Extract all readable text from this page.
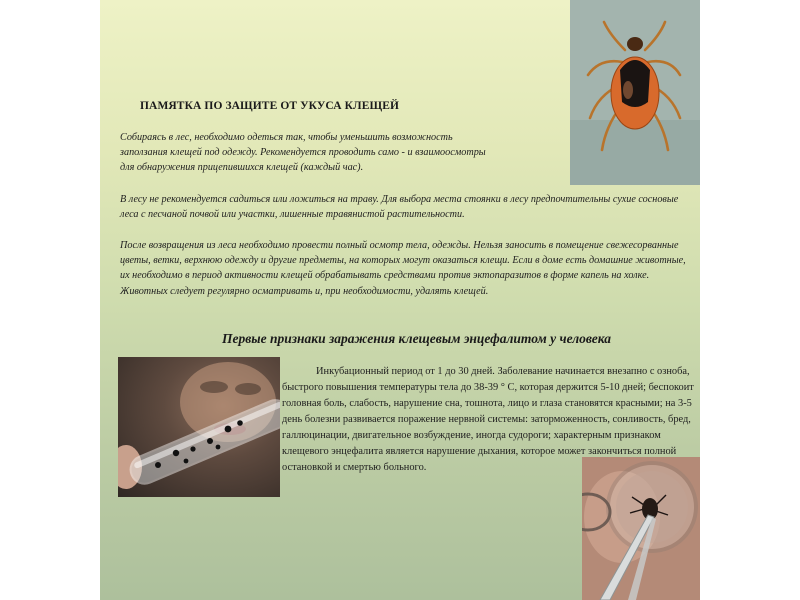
ПАМЯТКА ПО ЗАЩИТЕ ОТ УКУСА КЛЕЩЕЙ
Собираясь в лес, необходимо одеться так, чтобы уменьшить возможность
заползания клещей под одежду. Рекомендуется проводить само - и взаимоосмотры
для обнаружения прицепившихся клещей (каждый час).
В лесу не рекомендуется садиться или ложиться на траву. Для выбора места стоянки в лесу предпочтительны сухие сосновые
леса с песчаной почвой или участки, лишенные травянистой растительности.
После возвращения из леса необходимо провести полный осмотр тела, одежды. Нельзя заносить в помещение свежесорванные
цветы, ветки, верхнюю одежду и другие предметы, на которых могут оказаться клещи. Если в доме есть домашние животные,
их необходимо в период активности клещей обрабатывать средствами против эктопаразитов в форме капель на холке.
Животных следует регулярно осматривать и, при необходимости, удалять клещей.
Первые признаки заражения клещевым энцефалитом у человека
Инкубационный период от 1 до 30 дней. Заболевание начинается внезапно с озноба,
быстрого повышения температуры тела до 38-39 ° С, которая держится 5-10 дней; беспокоит
головная боль, слабость, нарушение сна, тошнота, лицо и глаза становятся красными; на 3-5
день болезни развивается поражение нервной системы: заторможенность, сонливость, бред,
галлюцинации, двигательное возбуждение, иногда судороги; характерным признаком
клещевого энцефалита является нарушение дыхания, которое может закончиться полной
остановкой и смертью больного.
